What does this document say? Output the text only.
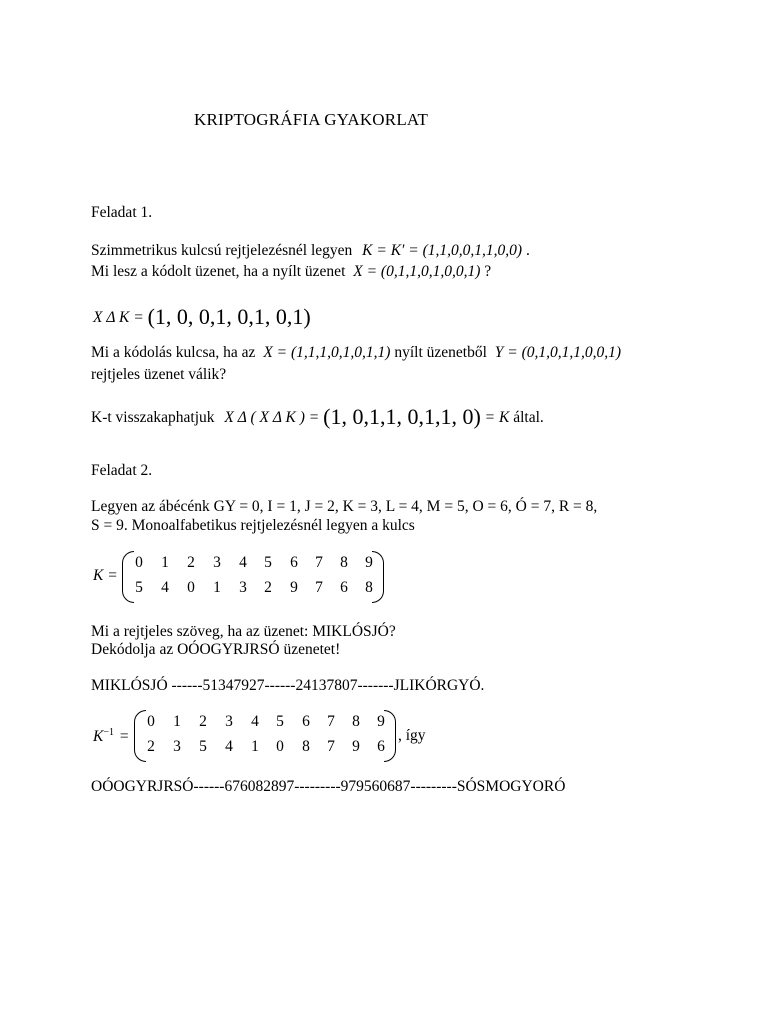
KRIPTOGRÁFIA GYAKORLAT
Feladat 1.
Szimmetrikus kulcsú rejtjelezésnél legyen K = K′ = (1,1,0,0,1,1,0,0) .
Mi lesz a kódolt üzenet, ha a nyílt üzenet X = (0,1,1,0,1,0,0,1) ?
X Δ K = (1, 0, 0,1, 0,1, 0,1)
Mi a kódolás kulcsa, ha az X = (1,1,1,0,1,0,1,1) nyílt üzenetből Y = (0,1,0,1,1,0,0,1)
rejtjeles üzenet válik?
K-t visszakaphatjuk X Δ ( X Δ K ) = (1, 0,1,1, 0,1,1, 0) = K által.
Feladat 2.
Legyen az ábécénk GY = 0, I = 1, J = 2, K = 3, L = 4, M = 5, O = 6, Ó = 7, R = 8,
S = 9. Monoalfabetikus rejtjelezésnél legyen a kulcs
K =
0	1	2	3	4	5	6	7	8	9
5	4	0	1	3	2	9	7	6	8
Mi a rejtjeles szöveg, ha az üzenet: MIKLÓSJÓ?
Dekódolja az OÓOGYRJRSÓ üzenetet!
MIKLÓSJÓ ------51347927------24137807-------JLIKÓRGYÓ.
$K^{-1}$ =
0	1	2	3	4	5	6	7	8	9
2	3	5	4	1	0	8	7	9	6
, így
OÓOGYRJRSÓ------676082897---------979560687---------SÓSMOGYORÓ
